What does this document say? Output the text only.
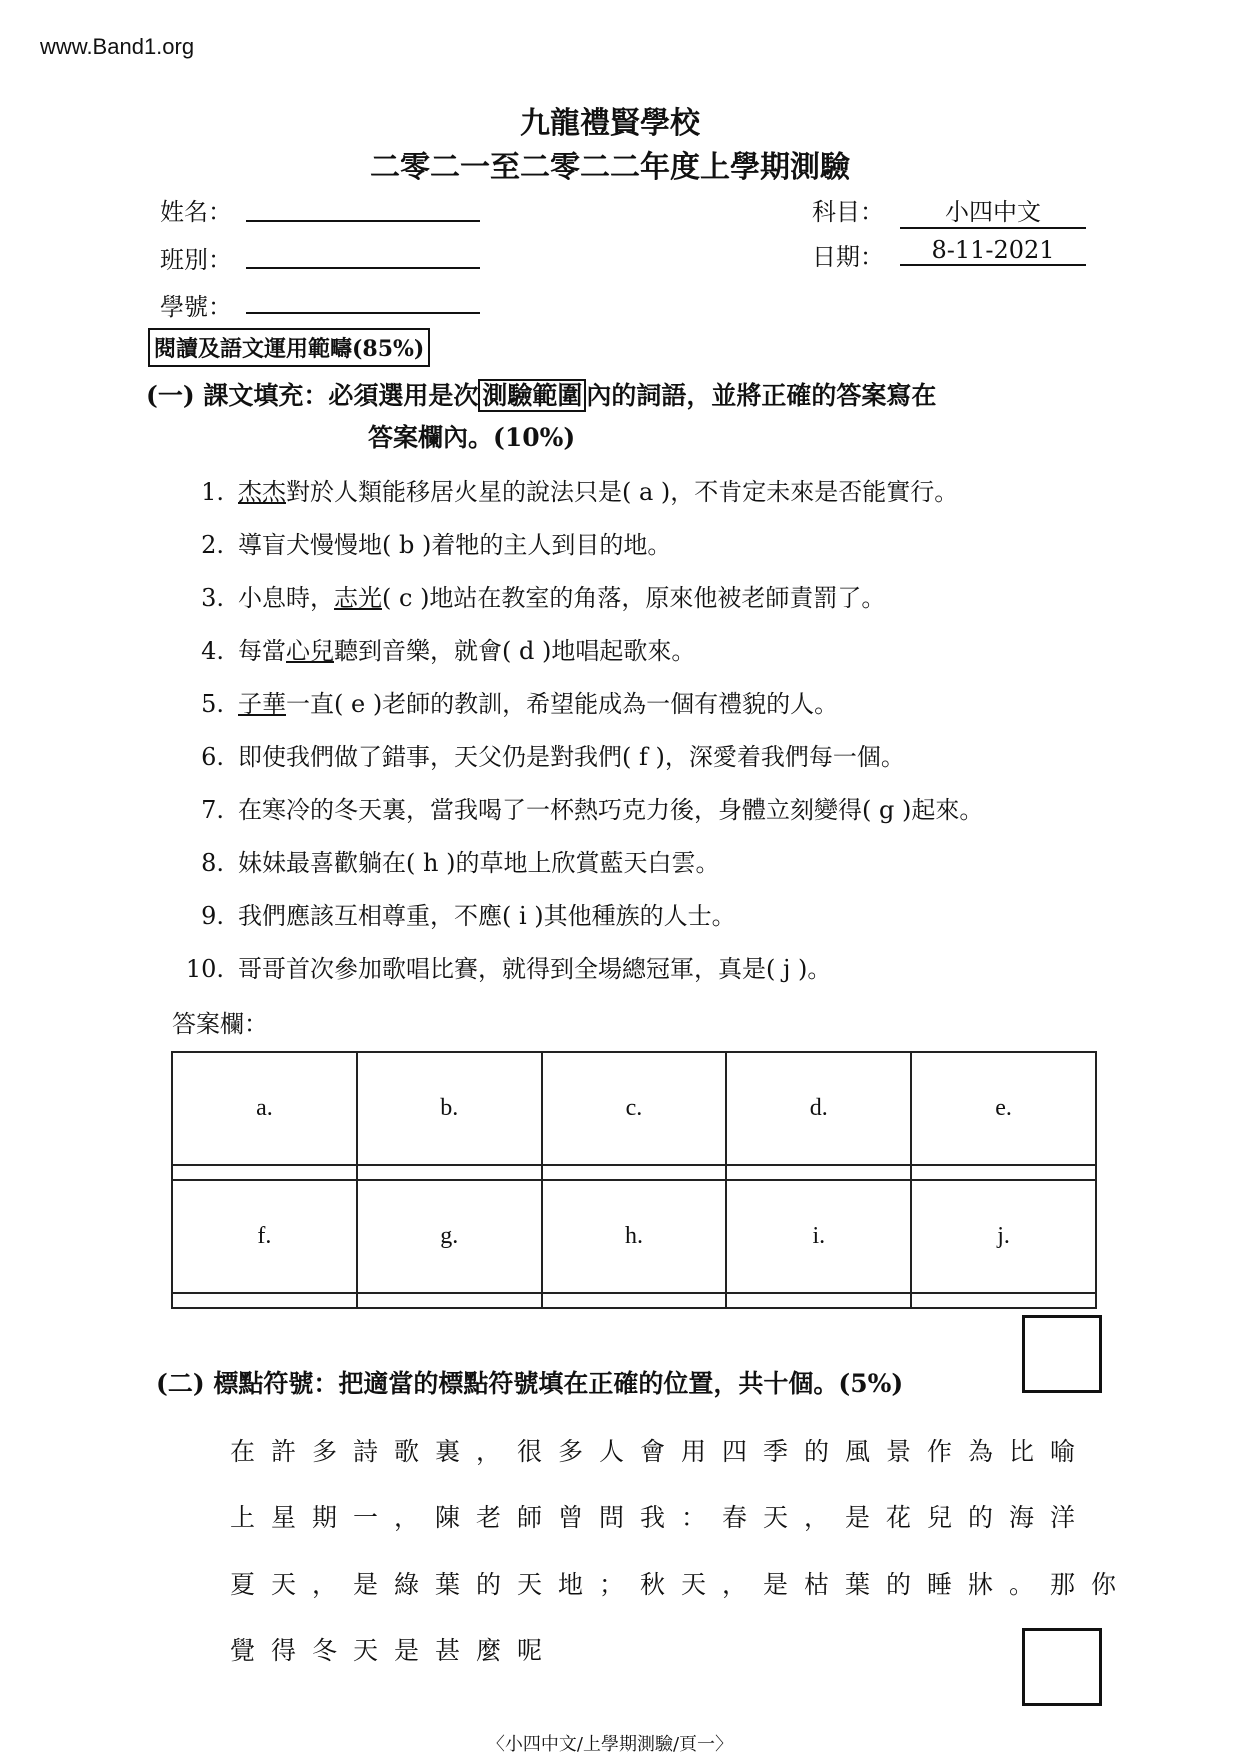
www.Band1.org
九龍禮賢學校
二零二一至二零二二年度上學期測驗
姓名：
班別：
學號：
科目：	小四中文
日期：	8-11-2021
閱讀及語文運用範疇(85%)
(一) 課文填充：必須選用是次 測驗範圍 內的詞語，並將正確的答案寫在
答案欄內。(10%)
1. 杰杰對於人類能移居火星的說法只是( a )，不肯定未來是否能實行。
2. 導盲犬慢慢地( b )着牠的主人到目的地。
3. 小息時，志光( c )地站在教室的角落，原來他被老師責罰了。
4. 每當心兒聽到音樂，就會( d )地唱起歌來。
5. 子華一直( e )老師的教訓，希望能成為一個有禮貌的人。
6. 即使我們做了錯事，天父仍是對我們( f )，深愛着我們每一個。
7. 在寒冷的冬天裏，當我喝了一杯熱巧克力後，身體立刻變得( g )起來。
8. 妹妹最喜歡躺在( h )的草地上欣賞藍天白雲。
9. 我們應該互相尊重，不應( i )其他種族的人士。
10. 哥哥首次參加歌唱比賽，就得到全場總冠軍，真是( j )。
答案欄：
a.	b.	c.	d.	e.

f.	g.	h.	i.	j.

(二) 標點符號：把適當的標點符號填在正確的位置，共十個。(5%)
在許多詩歌裏，很多人會用四季的風景作為比喻
上星期一，陳老師曾問我：春天，是花兒的海洋
夏天，是綠葉的天地；秋天，是枯葉的睡牀。那你
覺得冬天是甚麼呢
〈小四中文/上學期測驗/頁一〉
